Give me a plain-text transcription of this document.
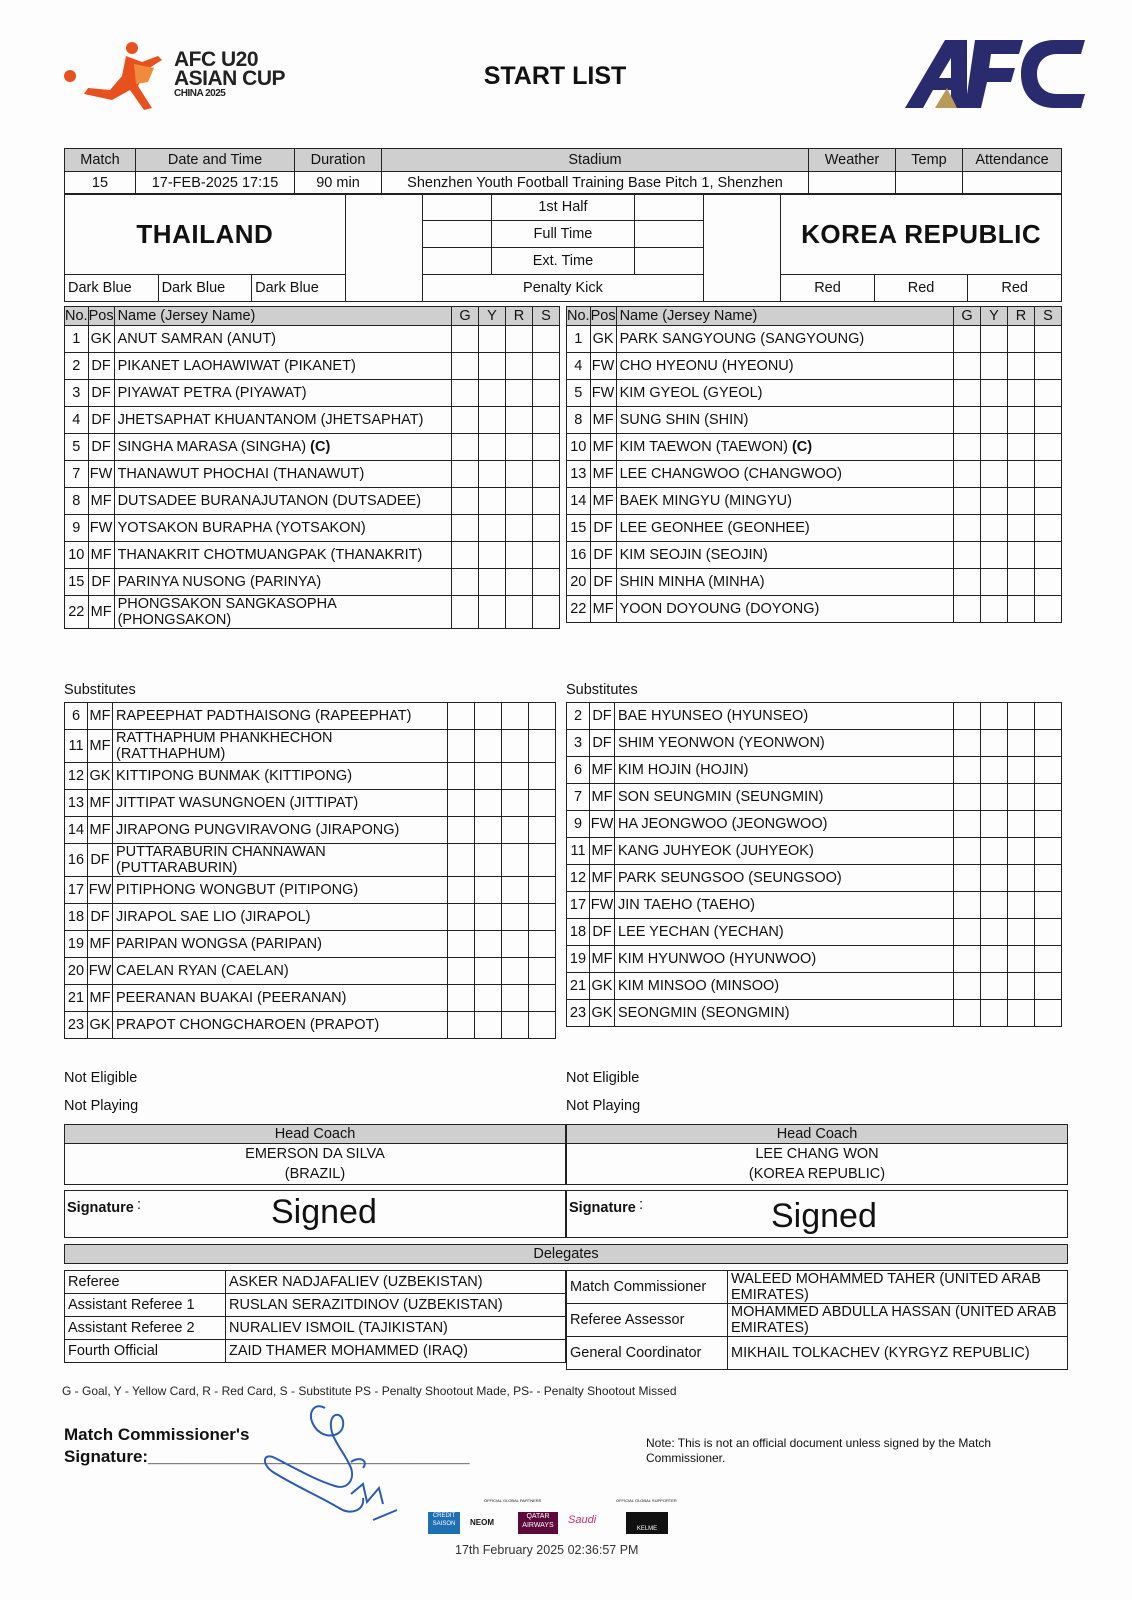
AFC U20
ASIAN CUP
CHINA 2025
START LIST
Match	Date and Time	Duration	Stadium	Weather	Temp	Attendance
15	17-FEB-2025 17:15	90 min	Shenzhen Youth Football Training Base Pitch 1, Shenzhen			
THAILAND					1st Half			KOREA REPUBLIC		
					Full Time					
					Ext. Time					
Dark Blue	Dark Blue	Dark Blue		Penalty Kick				Red	Red	Red
No.	Pos	Name (Jersey Name)	G	Y	R	S
1	GK	ANUT SAMRAN (ANUT)				
2	DF	PIKANET LAOHAWIWAT (PIKANET)				
3	DF	PIYAWAT PETRA (PIYAWAT)				
4	DF	JHETSAPHAT KHUANTANOM (JHETSAPHAT)				
5	DF	SINGHA MARASA (SINGHA) (C)				
7	FW	THANAWUT PHOCHAI (THANAWUT)				
8	MF	DUTSADEE BURANAJUTANON (DUTSADEE)				
9	FW	YOTSAKON BURAPHA (YOTSAKON)				
10	MF	THANAKRIT CHOTMUANGPAK (THANAKRIT)				
15	DF	PARINYA NUSONG (PARINYA)				
22	MF	PHONGSAKON SANGKASOPHA (PHONGSAKON)				
No.	Pos	Name (Jersey Name)	G	Y	R	S
1	GK	PARK SANGYOUNG (SANGYOUNG)				
4	FW	CHO HYEONU (HYEONU)				
5	FW	KIM GYEOL (GYEOL)				
8	MF	SUNG SHIN (SHIN)				
10	MF	KIM TAEWON (TAEWON) (C)				
13	MF	LEE CHANGWOO (CHANGWOO)				
14	MF	BAEK MINGYU (MINGYU)				
15	DF	LEE GEONHEE (GEONHEE)				
16	DF	KIM SEOJIN (SEOJIN)				
20	DF	SHIN MINHA (MINHA)				
22	MF	YOON DOYOUNG (DOYONG)				
Substitutes	Substitutes
6	MF	RAPEEPHAT PADTHAISONG (RAPEEPHAT)				
11	MF	RATTHAPHUM PHANKHECHON (RATTHAPHUM)				
12	GK	KITTIPONG BUNMAK (KITTIPONG)				
13	MF	JITTIPAT WASUNGNOEN (JITTIPAT)				
14	MF	JIRAPONG PUNGVIRAVONG (JIRAPONG)				
16	DF	PUTTARABURIN CHANNAWAN (PUTTARABURIN)				
17	FW	PITIPHONG WONGBUT (PITIPONG)				
18	DF	JIRAPOL SAE LIO (JIRAPOL)				
19	MF	PARIPAN WONGSA (PARIPAN)				
20	FW	CAELAN RYAN (CAELAN)				
21	MF	PEERANAN BUAKAI (PEERANAN)				
23	GK	PRAPOT CHONGCHAROEN (PRAPOT)				
2	DF	BAE HYUNSEO (HYUNSEO)				
3	DF	SHIM YEONWON (YEONWON)				
6	MF	KIM HOJIN (HOJIN)				
7	MF	SON SEUNGMIN (SEUNGMIN)				
9	FW	HA JEONGWOO (JEONGWOO)				
11	MF	KANG JUHYEOK (JUHYEOK)				
12	MF	PARK SEUNGSOO (SEUNGSOO)				
17	FW	JIN TAEHO (TAEHO)				
18	DF	LEE YECHAN (YECHAN)				
19	MF	KIM HYUNWOO (HYUNWOO)				
21	GK	KIM MINSOO (MINSOO)				
23	GK	SEONGMIN (SEONGMIN)				
Not Eligible
Not Playing
Not Eligible
Not Playing
Head Coach
EMERSON DA SILVA
(BRAZIL)
Head Coach
LEE CHANG WON
(KOREA REPUBLIC)
Signature :	Signed	Signature :	Signed
Delegates
Referee	ASKER NADJAFALIEV (UZBEKISTAN)
Assistant Referee 1	RUSLAN SERAZITDINOV (UZBEKISTAN)
Assistant Referee 2	NURALIEV ISMOIL (TAJIKISTAN)
Fourth Official	ZAID THAMER MOHAMMED (IRAQ)
Match Commissioner	WALEED MOHAMMED TAHER (UNITED ARAB EMIRATES)
Referee Assessor	MOHAMMED ABDULLA HASSAN (UNITED ARAB EMIRATES)
General Coordinator	MIKHAIL TOLKACHEV (KYRGYZ REPUBLIC)
G - Goal, Y - Yellow Card, R - Red Card, S - Substitute PS - Penalty Shootout Made, PS- - Penalty Shootout Missed
Match Commissioner's
Signature:__________________________________
Note: This is not an official document unless signed by the Match Commissioner.
OFFICIAL GLOBAL PARTNERS	OFFICIAL GLOBAL SUPPORTER
CREDIT SAISON	NEOM
QATAR AIRWAYS	Saudi
KELME
17th February 2025 02:36:57 PM
